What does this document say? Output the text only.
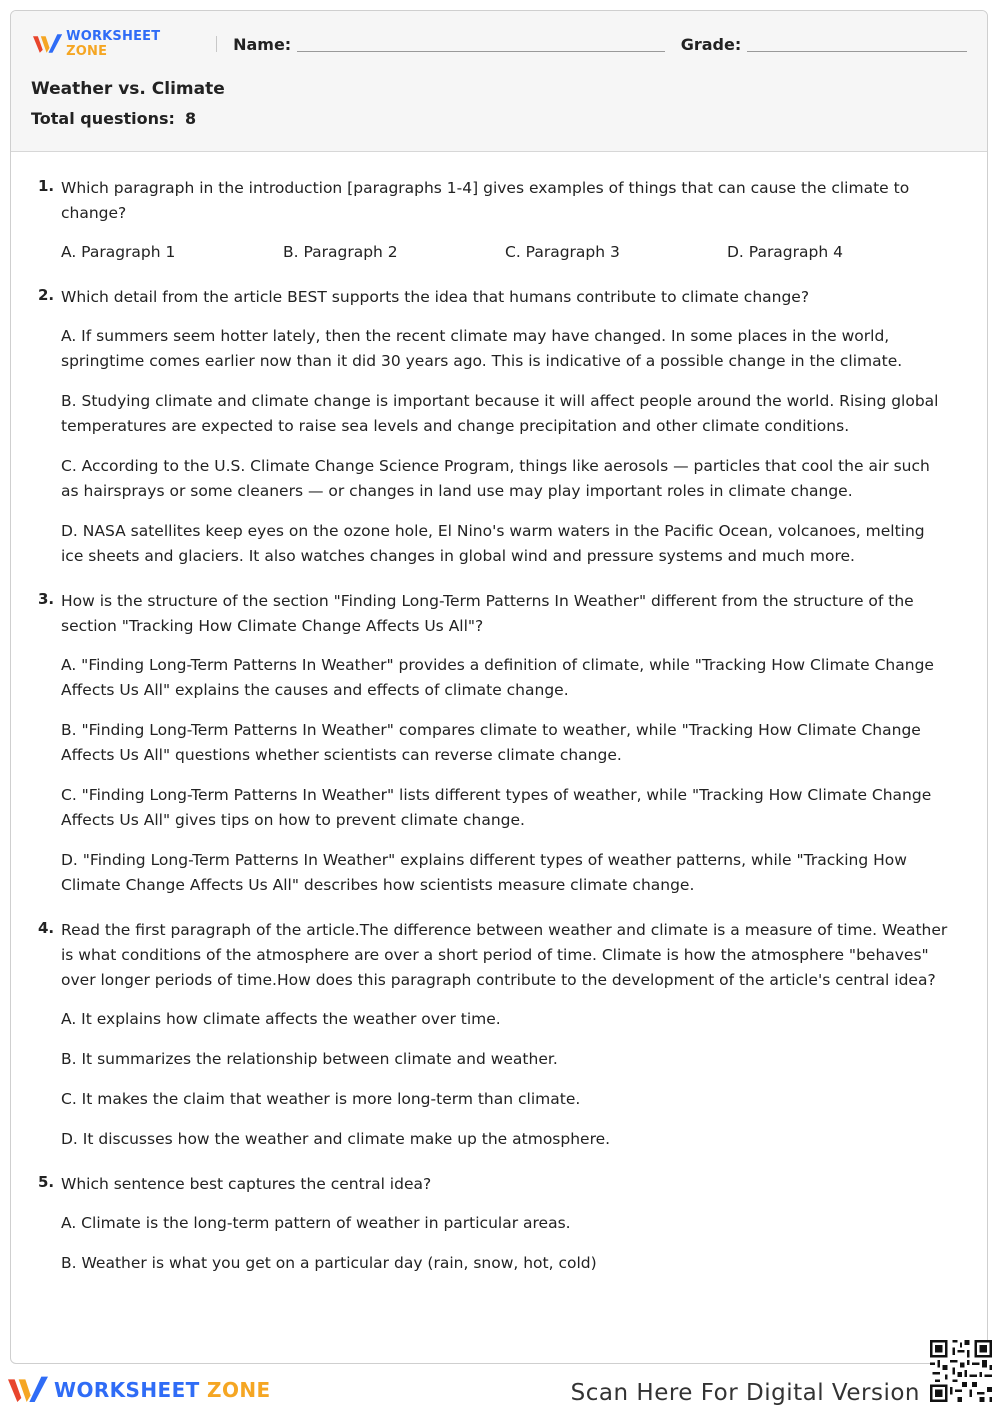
WORKSHEET ZONE	Name:	Grade:
Weather vs. Climate
Total questions: 8
1. Which paragraph in the introduction [paragraphs 1-4] gives examples of things that can cause the climate to change?

A. Paragraph 1	B. Paragraph 2	C. Paragraph 3	D. Paragraph 4

2. Which detail from the article BEST supports the idea that humans contribute to climate change?

A. If summers seem hotter lately, then the recent climate may have changed. In some places in the world, springtime comes earlier now than it did 30 years ago. This is indicative of a possible change in the climate.

B. Studying climate and climate change is important because it will affect people around the world. Rising global temperatures are expected to raise sea levels and change precipitation and other climate conditions.

C. According to the U.S. Climate Change Science Program, things like aerosols — particles that cool the air such as hairsprays or some cleaners — or changes in land use may play important roles in climate change.

D. NASA satellites keep eyes on the ozone hole, El Nino's warm waters in the Pacific Ocean, volcanoes, melting ice sheets and glaciers. It also watches changes in global wind and pressure systems and much more.

3. How is the structure of the section "Finding Long-Term Patterns In Weather" different from the structure of the section "Tracking How Climate Change Affects Us All"?

A. "Finding Long-Term Patterns In Weather" provides a definition of climate, while "Tracking How Climate Change Affects Us All" explains the causes and effects of climate change.

B. "Finding Long-Term Patterns In Weather" compares climate to weather, while "Tracking How Climate Change Affects Us All" questions whether scientists can reverse climate change.

C. "Finding Long-Term Patterns In Weather" lists different types of weather, while "Tracking How Climate Change Affects Us All" gives tips on how to prevent climate change.

D. "Finding Long-Term Patterns In Weather" explains different types of weather patterns, while "Tracking How Climate Change Affects Us All" describes how scientists measure climate change.

4. Read the first paragraph of the article.The difference between weather and climate is a measure of time. Weather is what conditions of the atmosphere are over a short period of time. Climate is how the atmosphere "behaves" over longer periods of time.How does this paragraph contribute to the development of the article's central idea?

A. It explains how climate affects the weather over time.

B. It summarizes the relationship between climate and weather.

C. It makes the claim that weather is more long-term than climate.

D. It discusses how the weather and climate make up the atmosphere.

5. Which sentence best captures the central idea?

A. Climate is the long-term pattern of weather in particular areas.

B. Weather is what you get on a particular day (rain, snow, hot, cold)

WORKSHEET ZONE	Scan Here For Digital Version
